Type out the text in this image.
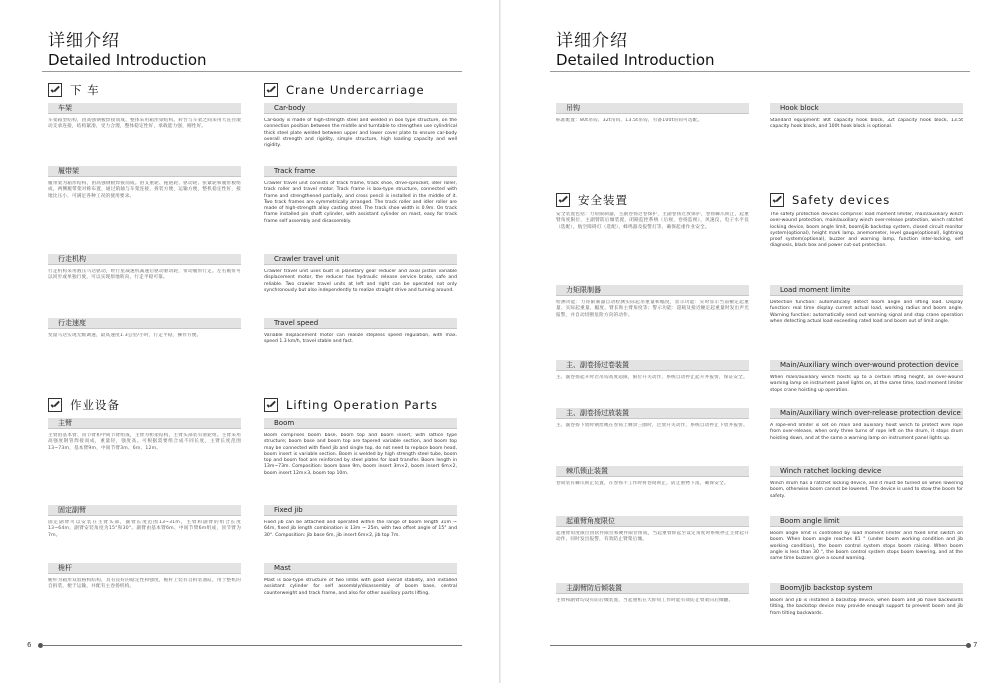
详细介绍
Detailed Introduction
下 车	Crane Undercarriage
车架
车架箱型结构，由高强钢板焊接而成，整体采用箱形梁结构。转台与车架之间采用大直径滚动支承连接，结构紧凑，受力合理，整体稳定性好，承载能力强，刚性好。
履带架
履带架为箱形结构，由高强钢板焊接而成。由支重轮、拖链轮、驱动轮、张紧轮和履带板组成，两侧履带架对称布置，通过销轴与车架连接，拆装方便，运输方便，整机稳定性好，接地比压小，可满足各种工况的使用要求。
行走机构
行走机构采用液压马达驱动，经行星减速机减速后驱动驱动轮，带动履带行走。左右履带可以同步或单独行驶，可以实现原地转向，行走平稳可靠。
行走速度
变量马达实现无级调速，最高速度1.3公里/小时，行走平稳，操作方便。
作业设备	Lifting Operation Parts
主臂
主臂由基本臂、顶节臂和中间节臂组成，主臂为桁架结构，主臂头部装有滑轮组。主臂采用高强度钢管焊接而成，重量轻，强度高。可根据需要组合成不同长度，主臂长度范围13~73m，基本臂9m，中间节臂3m、6m、12m。
固定副臂
固定副臂可以安装在主臂头部，副臂长度范围13~31m，主臂和副臂的组合长度13~64m，副臂安装角度为15°和30°。副臂由基本臂6m、中间节臂6m组成，顶节臂为7m。
桅杆
桅杆为箱形双肢格构结构，具有良好的稳定性和强度，桅杆上装有自拆装油缸，用于整机的自拆装，便于运输，并配有主卷扬机构。
Car-body
Car-body is made of high-strength steel and welded in box type structure, on the connection position between the middle and turntable to strengthen use cylindrical thick steel plate welded between upper and lower cover plate to ensure car-body overall strength and rigidity, simple structure, high loading capacity and well rigidity.
Track frame
Crawler travel unit consists of track frame, track shoe, drive-sprocket, idler roller, track roller and travel motor. Track frame is box-type structure, connected with frame and strengthened partially, and cross pencil is installed in the middle of it. Two track frames are symmetrically arranged. The track roller and idler roller are made of high-strength alloy casting steel. The track shoe width is 0.9m. On track frame installed pin shaft cylinder, with assistant cylinder on mast, easy for track frame self assembly and disassembly.
Crawler travel unit
Crawler travel unit uses built in planetary gear reducer and axial piston variable displacement motor, the reducer has hydraulic release service brake, safe and reliable. Two crawler travel units at left and right can be operated not only synchronously but also independently to realize straight drive and turning around.
Travel speed
Variable displacement motor can realize stepless speed regulation, with max. speed 1.3 km/h, travel stable and fast.
Boom
Boom comprises boom base, boom top and boom insert, with lattice type structure; boom base and boom top are tapered variable section, and boom top may be connected with fixed jib and single top, do not need to replace boom head, boom insert is variable section. Boom is welded by high strength steel tube, boom top and boom foot are reinforced by steel plates for load transfer. Boom length in 13m~73m. Composition: boom base 9m, boom insert 3m×2, boom insert 6m×2, boom insert 12m×3, boom top 10m.
Fixed jib
Fixed jib can be attached and operated within the range of boom length 31m ~ 64m, fixed jib length combination is 13m ~ 25m, with two offset angle of 15° and 30°. Composition: jib base 6m, jib insert 6m×2, jib top 7m.
Mast
Mast is box-type structure of two limbs with good overall stability, and installed assistant cylinder for self assembly/disassembly of boom base, central counterweight and track frame, and also for other auxiliary parts lifting.
6
详细介绍
Detailed Introduction
吊钩
标准配置：80t吊钩、32t吊钩、13.5t吊钩，另备100t吊钩可选配。
安全装置
安全装置包括：力矩限制器，主副卷扬过卷保护，主副卷扬过放保护，卷扬棘爪锁止，起重臂角度限位，主副臂防后倾装置，闭路监控系统（后视、卷扬监视），风速仪，电子水平仪（选配），航空障碍灯（选配），蜂鸣器及报警灯等，确保起重作业安全。
力矩限制器
检测功能：力矩限制器自动检测实际起吊重量和幅度，显示功能：实时显示当前额定起重量、实际起重量、幅度、臂长和主臂角度等；警示功能：超载及接近额定起重量时发出声光报警，并自动切断危险方向的动作。
主、副卷扬过卷装置
主、副卷扬起升时若吊钩高度超限，限位开关动作，系统自动停止起升并报警，保证安全。
主、副卷扬过放装置
主、副卷扬下放时钢丝绳在卷筒上剩余三圈时，过放开关动作，系统自动停止下放并报警。
棘爪锁止装置
卷筒装有棘爪锁止装置，在卷扬不工作时将卷筒锁止，防止重物下落，确保安全。
起重臂角度限位
起重臂角度限位由软件限位和硬件限位组成，当起重臂仰起至设定角度时系统停止主臂起升动作，同时发出报警，有效防止臂架后倾。
主副臂防后倾装置
主臂和副臂均设有防后倾装置，当起重机在大仰角工作时能有效防止臂架向后倾翻。
Hook block
Standard equipment: 80t capacity hook block, 32t capacity hook block, 13.5t capacity hook block, and 100t hook block is optional.
Safety devices
The safety protection devices comprise: load moment limiter, main/auxiliary winch over-wound protection, main/auxiliary winch over-release protection, winch ratchet locking device, boom angle limit, boom/jib backstop system, closed circuit monitor system(optional), height mark lamp, anemometer, level gauge(optional), lightning proof system(optional), buzzer and warning lamp, function inter-locking, self diagnosis, black box and power cut-out protection.
Load moment limite
Detection function: automatically detect boom angle and lifting load. Display function: real time display current actual load, working radius and boom angle. Warning function: automatically send out warning signal and stop crane operation when detecting actual load exceeding rated load and boom out of limit angle.
Main/Auxiliary winch over-wound protection device
When main/auxiliary winch hoists up to a certain lifting height, an over-wound warning lamp on instrument panel lights on, at the same time, load moment limiter stops crane hoisting up operation.
Main/Auxiliary winch over-release protection device
A rope-end limiter is set on main and auxiliary hoist winch to protect wire rope from over-release, when only three turns of rope left on the drum, it stops drum hoisting down, and at the same a warning lamp on instrument panel lights up.
Winch ratchet locking device
Winch drum has a ratchet locking device, and it must be turned on when lowering boom, otherwise boom cannot be lowered. The device is used to stow the boom for safety.
Boom angle limit
Boom angle limit is controlled by load moment limiter and fixed limit switch on boom. When boom angle reaches 81 ° (under boom working condition and jib working condition), the boom control system stops boom raising. When boom angle is less than 30 °, the boom control system stops boom lowering, and at the same time buzzers give a sound warning.
Boom/Jib backstop system
Boom and jib is installed a backstop device, when boom and jib have backwards tilting, the backstop device may provide enough support to prevent boom and jib from tilting backwards.
7
